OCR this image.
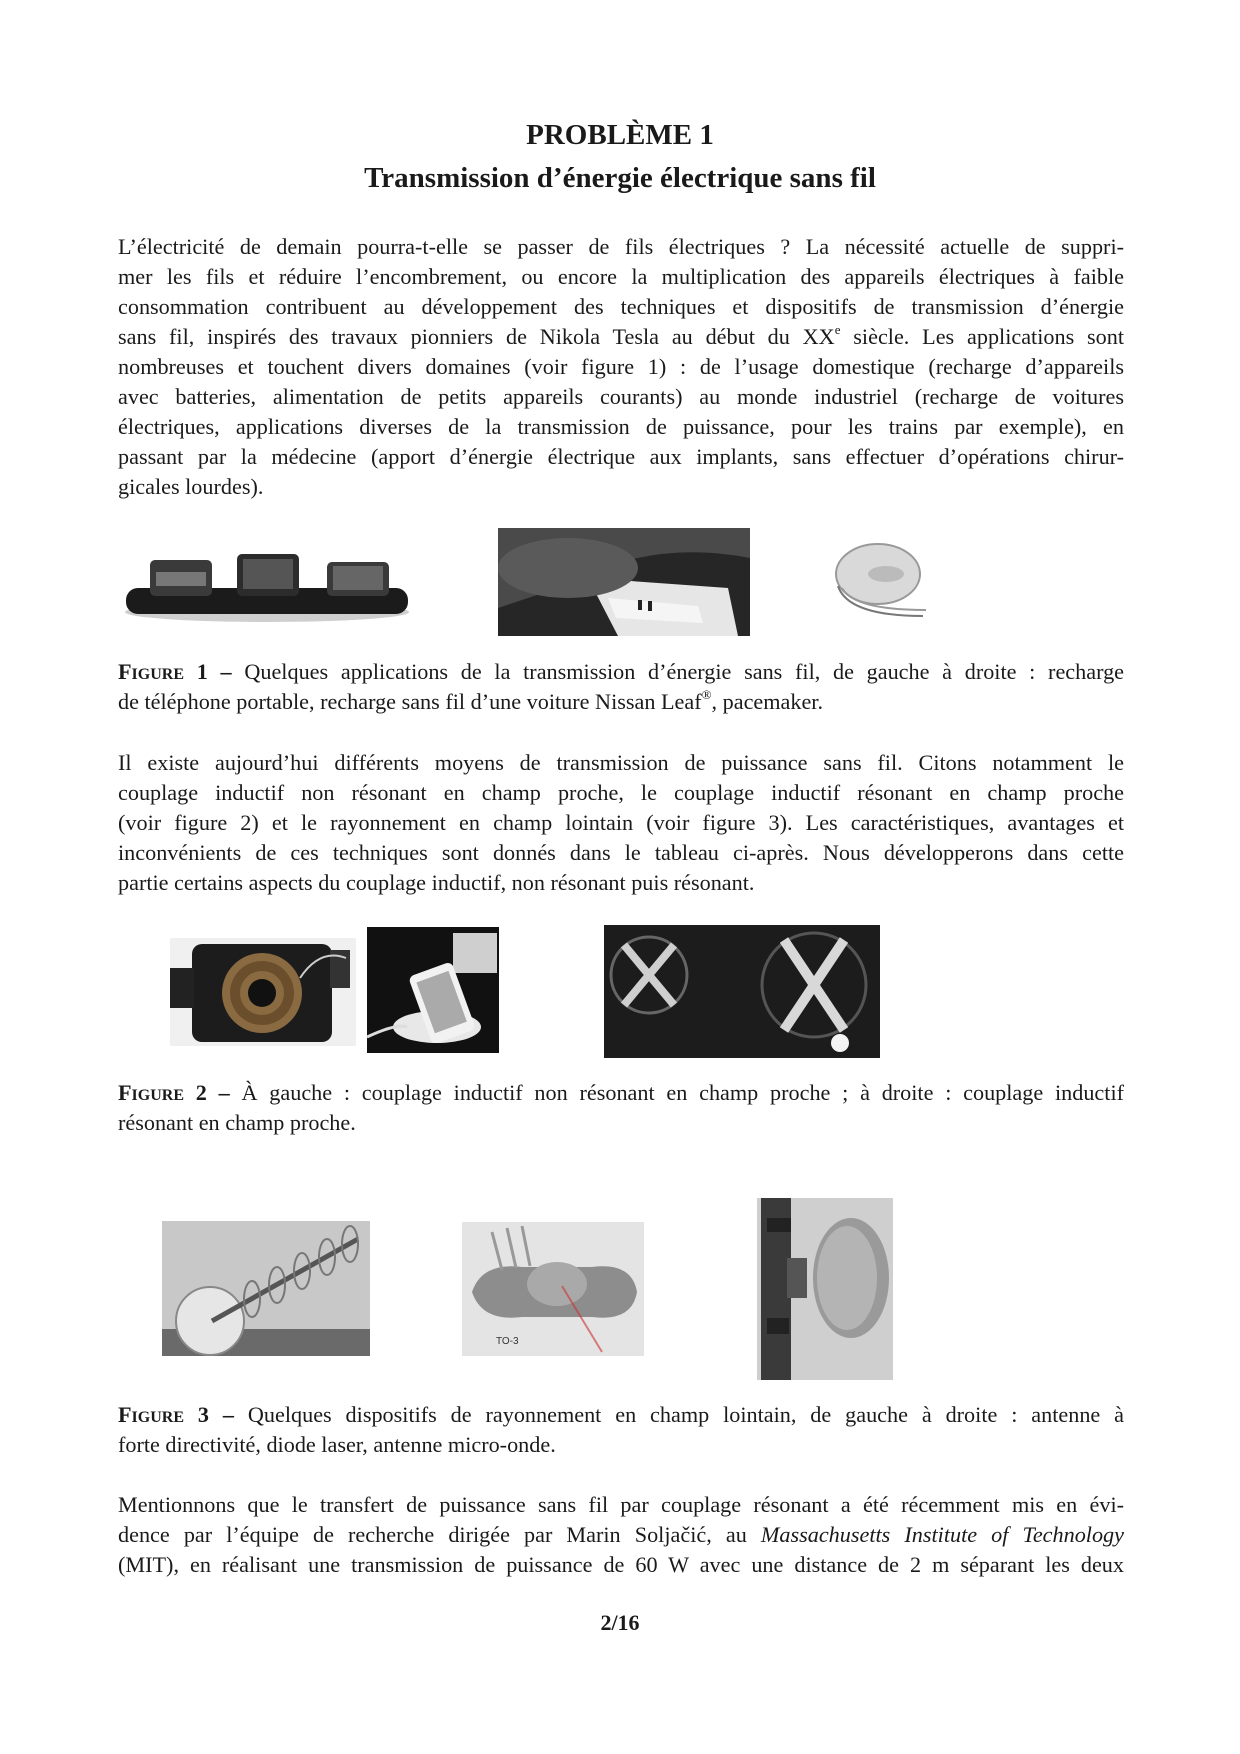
PROBLÈME 1
Transmission d’énergie électrique sans fil
L’électricité de demain pourra-t-elle se passer de fils électriques ? La nécessité actuelle de suppri-
mer les fils et réduire l’encombrement, ou encore la multiplication des appareils électriques à faible
consommation contribuent au développement des techniques et dispositifs de transmission d’énergie
sans fil, inspirés des travaux pionniers de Nikola Tesla au début du XXe siècle. Les applications sont
nombreuses et touchent divers domaines (voir figure 1) : de l’usage domestique (recharge d’appareils
avec batteries, alimentation de petits appareils courants) au monde industriel (recharge de voitures
électriques, applications diverses de la transmission de puissance, pour les trains par exemple), en
passant par la médecine (apport d’énergie électrique aux implants, sans effectuer d’opérations chirur-
gicales lourdes).
Figure 1 – Quelques applications de la transmission d’énergie sans fil, de gauche à droite : recharge
de téléphone portable, recharge sans fil d’une voiture Nissan Leaf®, pacemaker.
Il existe aujourd’hui différents moyens de transmission de puissance sans fil. Citons notamment le
couplage inductif non résonant en champ proche, le couplage inductif résonant en champ proche
(voir figure 2) et le rayonnement en champ lointain (voir figure 3). Les caractéristiques, avantages et
inconvénients de ces techniques sont donnés dans le tableau ci-après. Nous développerons dans cette
partie certains aspects du couplage inductif, non résonant puis résonant.
Figure 2 – À gauche : couplage inductif non résonant en champ proche ; à droite : couplage inductif
résonant en champ proche.
TO-3
Figure 3 – Quelques dispositifs de rayonnement en champ lointain, de gauche à droite : antenne à
forte directivité, diode laser, antenne micro-onde.
Mentionnons que le transfert de puissance sans fil par couplage résonant a été récemment mis en évi-
dence par l’équipe de recherche dirigée par Marin Soljačić, au Massachusetts Institute of Technology
(MIT), en réalisant une transmission de puissance de 60 W avec une distance de 2 m séparant les deux
2/16
